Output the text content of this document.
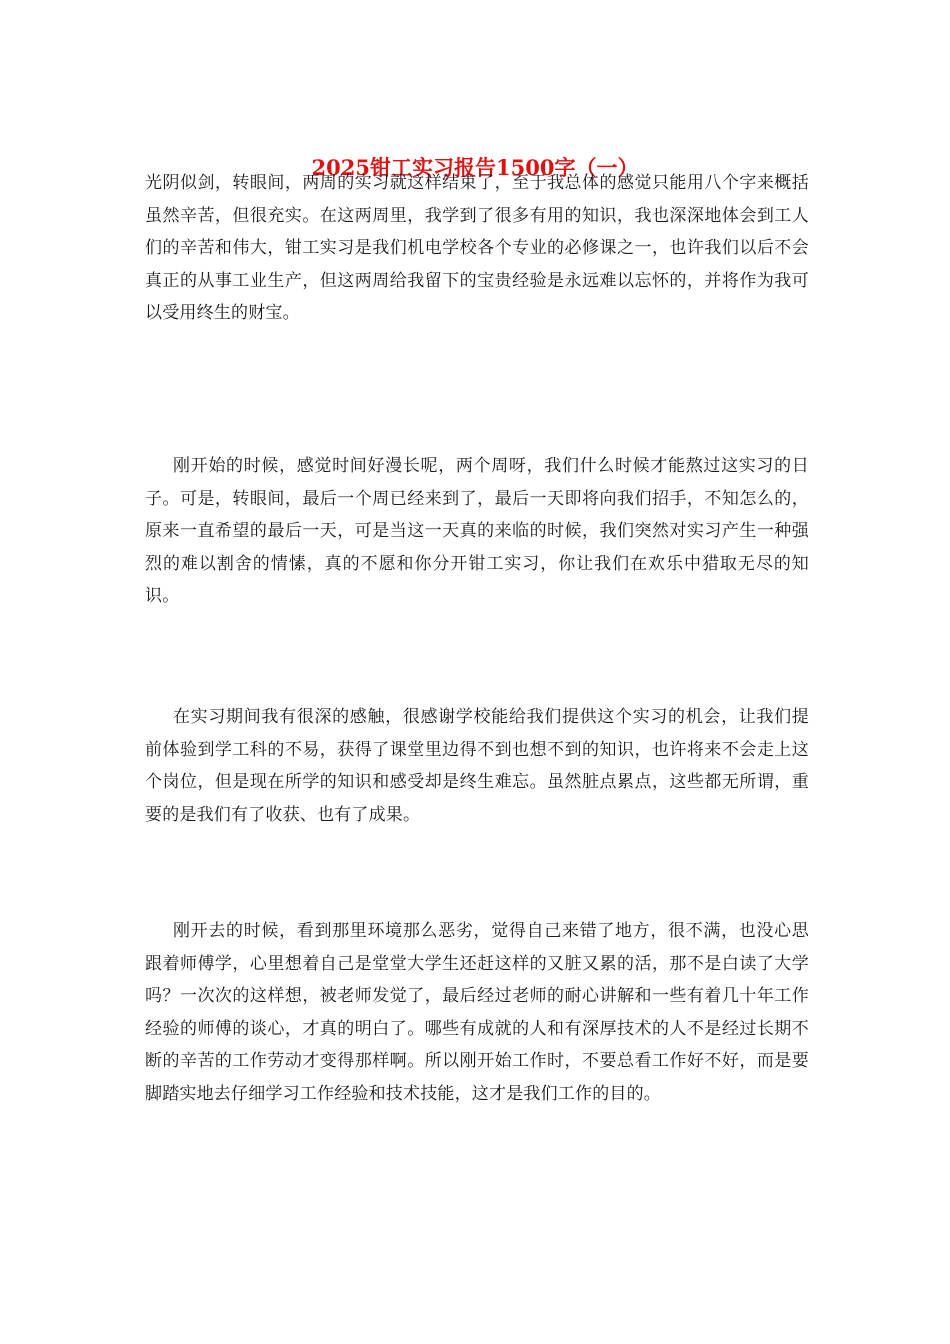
2025钳工实习报告1500字（一）

光阴似剑，转眼间，两周的实习就这样结束了，至于我总体的感觉只能用八个字来概括虽然辛苦，但很充实。在这两周里，我学到了很多有用的知识，我也深深地体会到工人们的辛苦和伟大，钳工实习是我们机电学校各个专业的必修课之一，也许我们以后不会真正的从事工业生产，但这两周给我留下的宝贵经验是永远难以忘怀的，并将作为我可以受用终生的财宝。

刚开始的时候，感觉时间好漫长呢，两个周呀，我们什么时候才能熬过这实习的日子。可是，转眼间，最后一个周已经来到了，最后一天即将向我们招手，不知怎么的，原来一直希望的最后一天，可是当这一天真的来临的时候，我们突然对实习产生一种强烈的难以割舍的情愫，真的不愿和你分开钳工实习，你让我们在欢乐中猎取无尽的知识。

在实习期间我有很深的感触，很感谢学校能给我们提供这个实习的机会，让我们提前体验到学工科的不易，获得了课堂里边得不到也想不到的知识，也许将来不会走上这个岗位，但是现在所学的知识和感受却是终生难忘。虽然脏点累点，这些都无所谓，重要的是我们有了收获、也有了成果。

刚开去的时候，看到那里环境那么恶劣，觉得自己来错了地方，很不满，也没心思跟着师傅学，心里想着自己是堂堂大学生还赶这样的又脏又累的活，那不是白读了大学吗？一次次的这样想，被老师发觉了，最后经过老师的耐心讲解和一些有着几十年工作经验的师傅的谈心，才真的明白了。哪些有成就的人和有深厚技术的人不是经过长期不断的辛苦的工作劳动才变得那样啊。所以刚开始工作时，不要总看工作好不好，而是要脚踏实地去仔细学习工作经验和技术技能，这才是我们工作的目的。
